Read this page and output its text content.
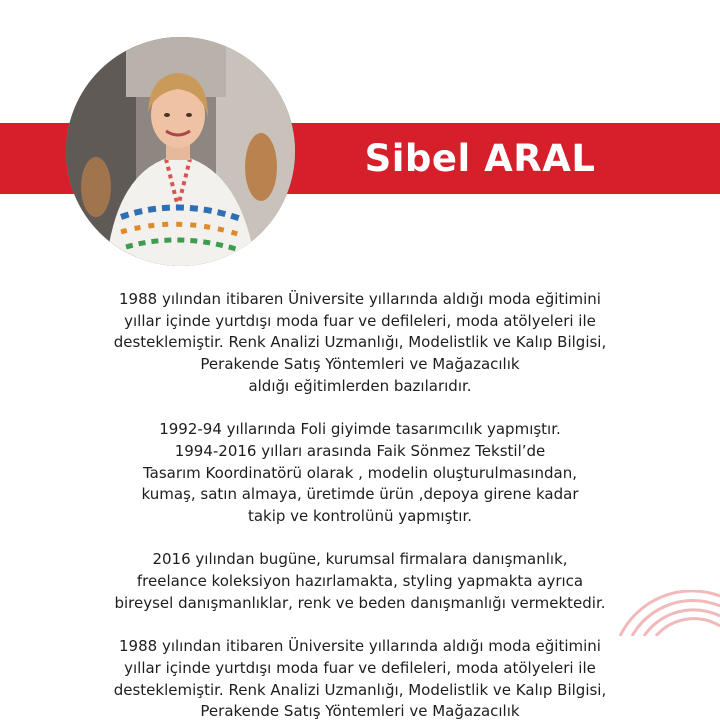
Sibel ARAL

1988 yılından itibaren Üniversite yıllarında aldığı moda eğitimini

yıllar içinde yurtdışı moda fuar ve defileleri, moda atölyeleri ile

desteklemiştir. Renk Analizi Uzmanlığı, Modelistlik ve Kalıp Bilgisi,

Perakende Satış Yöntemleri ve Mağazacılık

aldığı eğitimlerden bazılarıdır.

1992-94 yıllarında Foli giyimde tasarımcılık yapmıştır.

1994-2016 yılları arasında Faik Sönmez Tekstil’de

Tasarım Koordinatörü olarak , modelin oluşturulmasından,

kumaş, satın almaya, üretimde ürün ,depoya girene kadar

takip ve kontrolünü yapmıştır.

2016 yılından bugüne, kurumsal firmalara danışmanlık,

freelance koleksiyon hazırlamakta, styling yapmakta ayrıca

bireysel danışmanlıklar, renk ve beden danışmanlığı vermektedir.

1988 yılından itibaren Üniversite yıllarında aldığı moda eğitimini

yıllar içinde yurtdışı moda fuar ve defileleri, moda atölyeleri ile

desteklemiştir. Renk Analizi Uzmanlığı, Modelistlik ve Kalıp Bilgisi,

Perakende Satış Yöntemleri ve Mağazacılık
